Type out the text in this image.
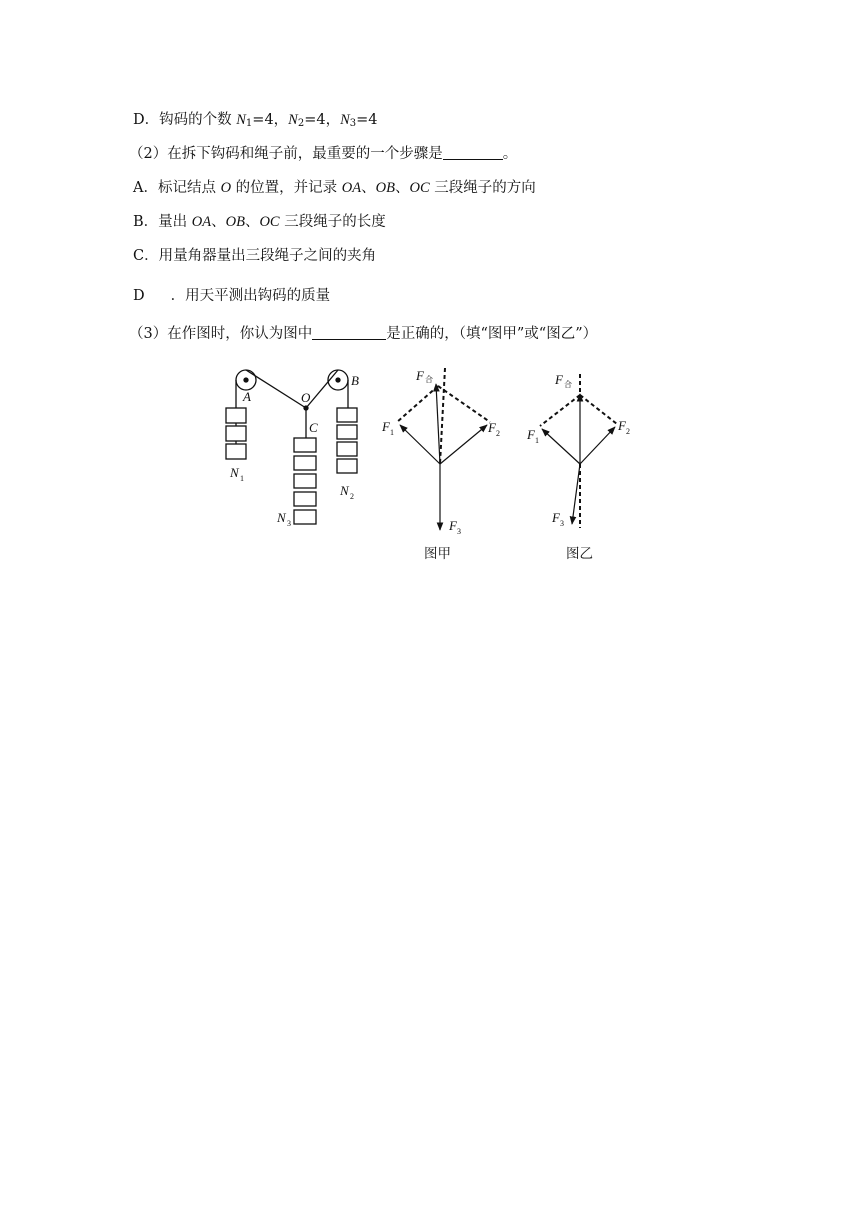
D．钩码的个数 $N_1=4$，$N_2=4$，$N_3=4$
（2）在拆下钩码和绳子前，最重要的一个步骤是	。
A．标记结点 O 的位置，并记录 OA、OB、OC 三段绳子的方向
B．量出 OA、OB、OC 三段绳子的长度
C．用量角器量出三段绳子之间的夹角
D ．用天平测出钩码的质量
（3）在作图时，你认为图中	是正确的，（填“图甲”或“图乙”）
A
B
O
C
N 1
N 2
N 3
F 合
F 1	F 2
F 3
图甲
F 合
F 1
F 2
F 3
图乙
